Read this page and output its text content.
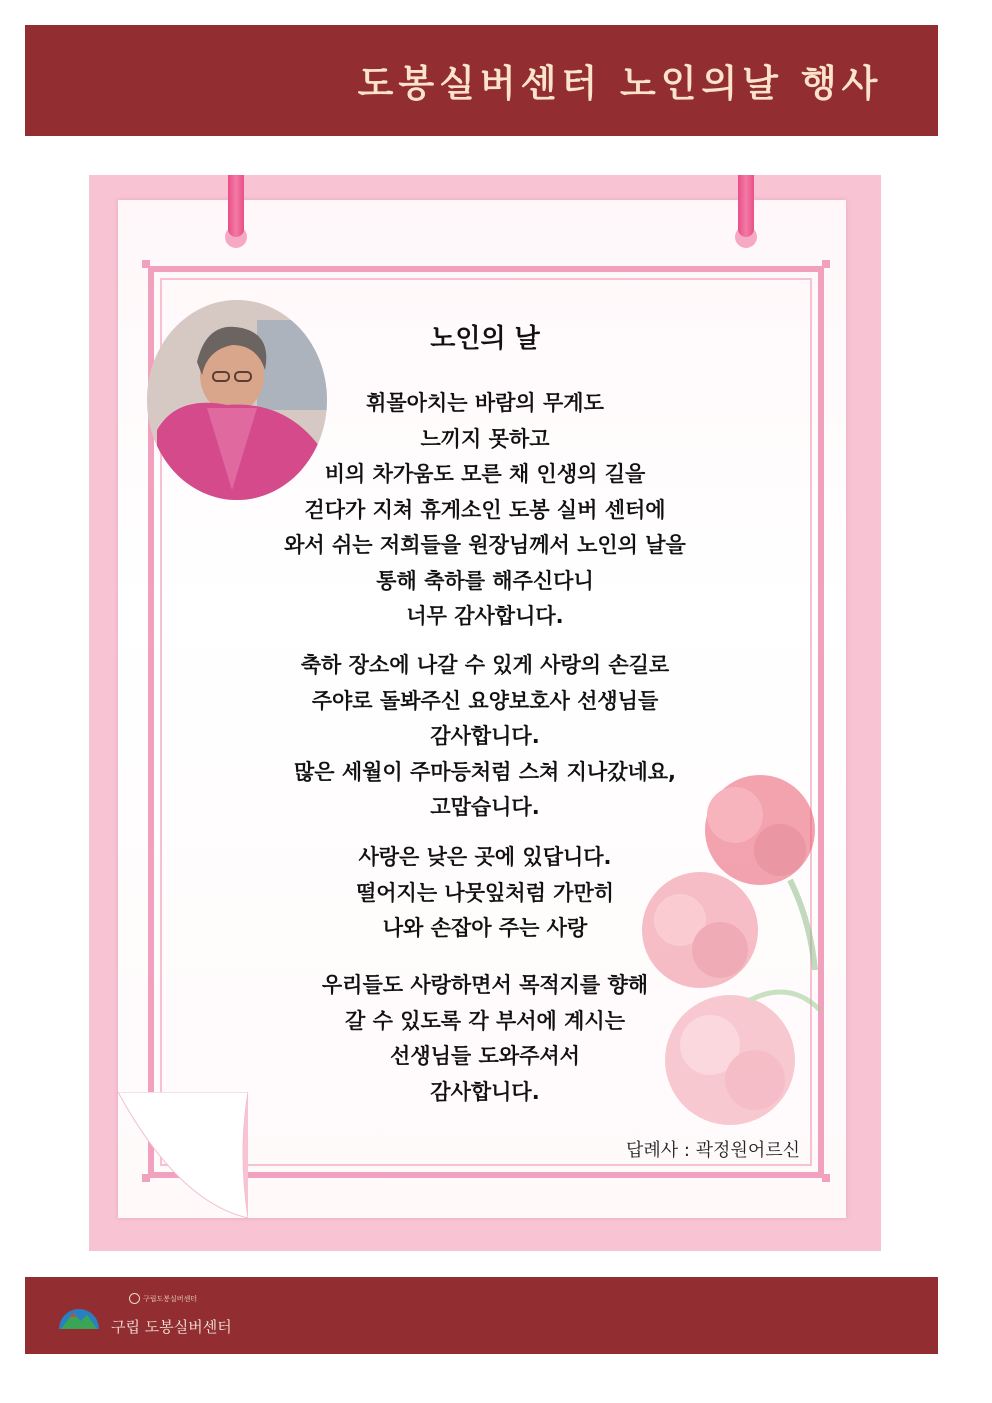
도봉실버센터 노인의날 행사
노인의 날
휘몰아치는 바람의 무게도
느끼지 못하고
비의 차가움도 모른 채 인생의 길을
걷다가 지쳐 휴게소인 도봉 실버 센터에
와서 쉬는 저희들을 원장님께서 노인의 날을
통해 축하를 해주신다니
너무 감사합니다.
축하 장소에 나갈 수 있게 사랑의 손길로
주야로 돌봐주신 요양보호사 선생님들
감사합니다.
많은 세월이 주마등처럼 스쳐 지나갔네요,
고맙습니다.
사랑은 낮은 곳에 있답니다.
떨어지는 나뭇잎처럼 가만히
나와 손잡아 주는 사랑
우리들도 사랑하면서 목적지를 향해
갈 수 있도록 각 부서에 계시는
선생님들 도와주셔서
감사합니다.
답례사 : 곽정원어르신
구립도봉실버센터
구립 도봉실버센터
